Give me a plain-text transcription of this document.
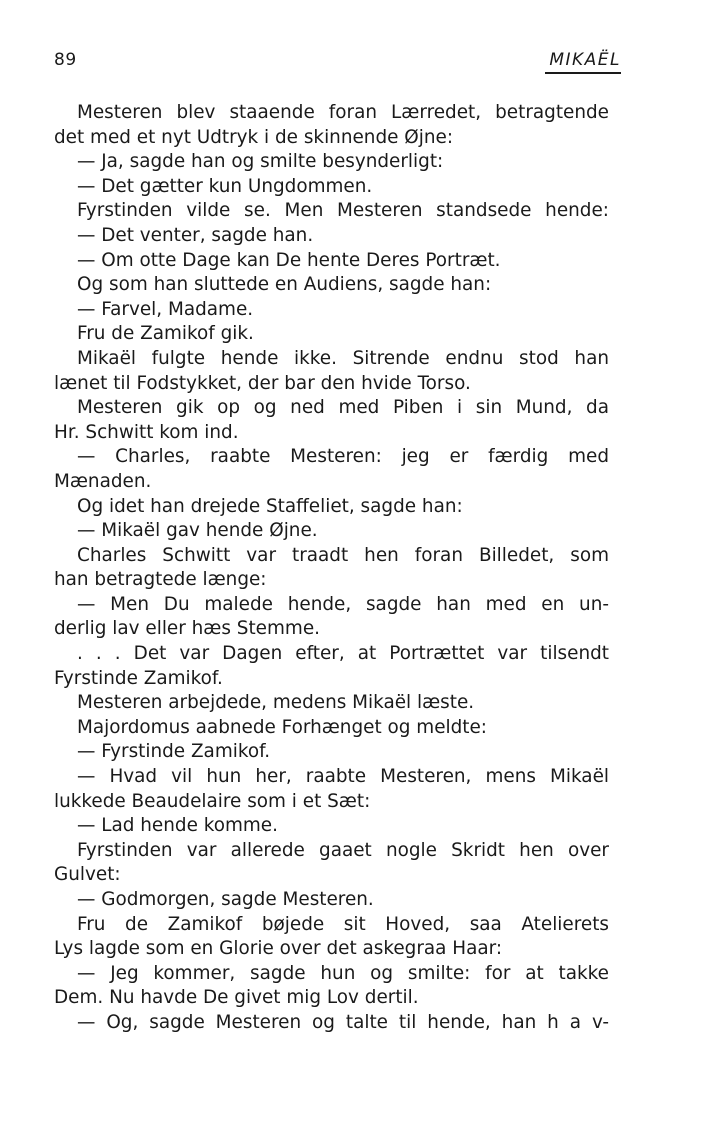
89	MIKAËL
Mesteren blev staaende foran Lærredet, betragtende
det med et nyt Udtryk i de skinnende Øjne:
— Ja, sagde han og smilte besynderligt:
— Det gætter kun Ungdommen.
Fyrstinden vilde se. Men Mesteren standsede hende:
— Det venter, sagde han.
— Om otte Dage kan De hente Deres Portræt.
Og som han sluttede en Audiens, sagde han:
— Farvel, Madame.
Fru de Zamikof gik.
Mikaël fulgte hende ikke. Sitrende endnu stod han
lænet til Fodstykket, der bar den hvide Torso.
Mesteren gik op og ned med Piben i sin Mund, da
Hr. Schwitt kom ind.
— Charles, raabte Mesteren: jeg er færdig med
Mænaden.
Og idet han drejede Staffeliet, sagde han:
— Mikaël gav hende Øjne.
Charles Schwitt var traadt hen foran Billedet, som
han betragtede længe:
— Men Du malede hende, sagde han med en un-
derlig lav eller hæs Stemme.
. . . Det var Dagen efter, at Portrættet var tilsendt
Fyrstinde Zamikof.
Mesteren arbejdede, medens Mikaël læste.
Majordomus aabnede Forhænget og meldte:
— Fyrstinde Zamikof.
— Hvad vil hun her, raabte Mesteren, mens Mikaël
lukkede Beaudelaire som i et Sæt:
— Lad hende komme.
Fyrstinden var allerede gaaet nogle Skridt hen over
Gulvet:
— Godmorgen, sagde Mesteren.
Fru de Zamikof bøjede sit Hoved, saa Atelierets
Lys lagde som en Glorie over det askegraa Haar:
— Jeg kommer, sagde hun og smilte: for at takke
Dem. Nu havde De givet mig Lov dertil.
— Og, sagde Mesteren og talte til hende, han h a v-
